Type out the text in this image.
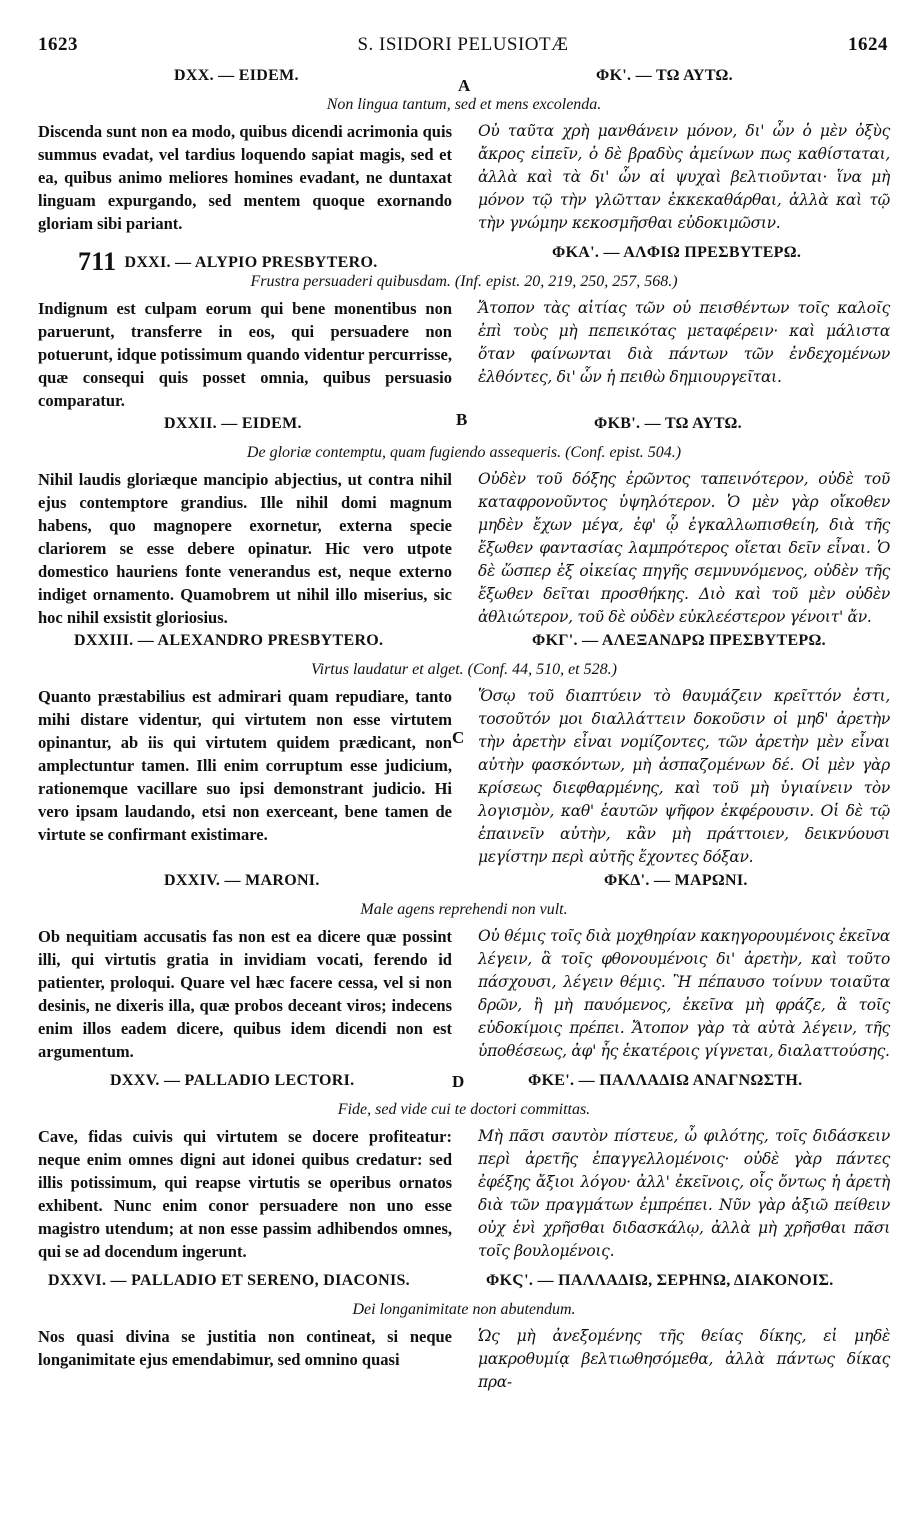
1623	S. ISIDORI PELUSIOTÆ	1624
A
B
C
D
DXX. — EIDEM.	ΦΚ'. — ΤΩ ΑΥΤΩ.
Non lingua tantum, sed et mens excolenda.
Discenda sunt non ea modo, quibus dicendi acrimonia quis summus evadat, vel tardius loquendo sapiat magis, sed et ea, quibus animo meliores homines evadant, ne duntaxat linguam expurgando, sed mentem quoque exornando gloriam sibi pariant.
Οὐ ταῦτα χρὴ μανθάνειν μόνον, δι' ὧν ὁ μὲν ὀξὺς ἄκρος εἰπεῖν, ὁ δὲ βραδὺς ἀμείνων πως καθίσταται, ἀλλὰ καὶ τὰ δι' ὧν αἱ ψυχαὶ βελτιοῦνται· ἵνα μὴ μόνον τῷ τὴν γλῶτταν ἐκκεκαθάρθαι, ἀλλὰ καὶ τῷ τὴν γνώμην κεκοσμῆσθαι εὐδοκιμῶσιν.
711 DXXI. — ALYPIO PRESBYTERO.
ΦΚΑ'. — ΑΛΦΙΩ ΠΡΕΣΒΥΤΕΡΩ.
Frustra persuaderi quibusdam. (Inf. epist. 20, 219, 250, 257, 568.)
Indignum est culpam eorum qui bene monentibus non paruerunt, transferre in eos, qui persuadere non potuerunt, idque potissimum quando videntur percurrisse, quæ consequi quis posset omnia, quibus persuasio comparatur.
Ἄτοπον τὰς αἰτίας τῶν οὐ πεισθέντων τοῖς καλοῖς ἐπὶ τοὺς μὴ πεπεικότας μεταφέρειν· καὶ μάλιστα ὅταν φαίνωνται διὰ πάντων τῶν ἐνδεχομένων ἐλθόντες, δι' ὧν ἡ πειθὼ δημιουργεῖται.
DXXII. — EIDEM.	ΦΚΒ'. — ΤΩ ΑΥΤΩ.
De gloriæ contemptu, quam fugiendo assequeris. (Conf. epist. 504.)
Nihil laudis gloriæque mancipio abjectius, ut contra nihil ejus contemptore grandius. Ille nihil domi magnum habens, quo magnopere exornetur, externa specie clariorem se esse debere opinatur. Hic vero utpote domestico hauriens fonte venerandus est, neque externo indiget ornamento. Quamobrem ut nihil illo miserius, sic hoc nihil exsistit gloriosius.
Οὐδὲν τοῦ δόξης ἐρῶντος ταπεινότερον, οὐδὲ τοῦ καταφρονοῦντος ὑψηλότερον. Ὁ μὲν γὰρ οἴκοθεν μηδὲν ἔχων μέγα, ἐφ' ᾧ ἐγκαλλωπισθείη, διὰ τῆς ἔξωθεν φαντασίας λαμπρότερος οἴεται δεῖν εἶναι. Ὁ δὲ ὥσπερ ἐξ οἰκείας πηγῆς σεμνυνόμενος, οὐδὲν τῆς ἔξωθεν δεῖται προσθήκης. Διὸ καὶ τοῦ μὲν οὐδὲν ἀθλιώτερον, τοῦ δὲ οὐδὲν εὐκλεέστερον γένοιτ' ἄν.
DXXIII. — ALEXANDRO PRESBYTERO.	ΦΚΓ'. — ΑΛΕΞΑΝΔΡΩ ΠΡΕΣΒΥΤΕΡΩ.
Virtus laudatur et alget. (Conf. 44, 510, et 528.)
Quanto præstabilius est admirari quam repudiare, tanto mihi distare videntur, qui virtutem non esse virtutem opinantur, ab iis qui virtutem quidem prædicant, non amplectuntur tamen. Illi enim corruptum esse judicium, rationemque vacillare suo ipsi demonstrant judicio. Hi vero ipsam laudando, etsi non exerceant, bene tamen de virtute se confirmant existimare.
Ὅσῳ τοῦ διαπτύειν τὸ θαυμάζειν κρεῖττόν ἐστι, τοσοῦτόν μοι διαλλάττειν δοκοῦσιν οἱ μηδ' ἀρετὴν τὴν ἀρετὴν εἶναι νομίζοντες, τῶν ἀρετὴν μὲν εἶναι αὐτὴν φασκόντων, μὴ ἀσπαζομένων δέ. Οἱ μὲν γὰρ κρίσεως διεφθαρμένης, καὶ τοῦ μὴ ὑγιαίνειν τὸν λογισμὸν, καθ' ἑαυτῶν ψῆφον ἐκφέρουσιν. Οἱ δὲ τῷ ἐπαινεῖν αὐτὴν, κἂν μὴ πράττοιεν, δεικνύουσι μεγίστην περὶ αὐτῆς ἔχοντες δόξαν.
DXXIV. — MARONI.	ΦΚΔ'. — ΜΑΡΩΝΙ.
Male agens reprehendi non vult.
Ob nequitiam accusatis fas non est ea dicere quæ possint illi, qui virtutis gratia in invidiam vocati, ferendo id patienter, proloqui. Quare vel hæc facere cessa, vel si non desinis, ne dixeris illa, quæ probos deceant viros; indecens enim illos eadem dicere, quibus idem dicendi non est argumentum.
Οὐ θέμις τοῖς διὰ μοχθηρίαν κακηγορουμένοις ἐκεῖνα λέγειν, ἃ τοῖς φθονουμένοις δι' ἀρετὴν, καὶ τοῦτο πάσχουσι, λέγειν θέμις. Ἢ πέπαυσο τοίνυν τοιαῦτα δρῶν, ἢ μὴ παυόμενος, ἐκεῖνα μὴ φράζε, ἃ τοῖς εὐδοκίμοις πρέπει. Ἄτοπον γὰρ τὰ αὐτὰ λέγειν, τῆς ὑποθέσεως, ἀφ' ἧς ἑκατέροις γίγνεται, διαλαττούσης.
DXXV. — PALLADIO LECTORI.	ΦΚΕ'. — ΠΑΛΛΑΔΙΩ ΑΝΑΓΝΩΣΤΗ.
Fide, sed vide cui te doctori committas.
Cave, fidas cuivis qui virtutem se docere profiteatur: neque enim omnes digni aut idonei quibus credatur: sed illis potissimum, qui reapse virtutis se operibus ornatos exhibent. Nunc enim conor persuadere non uno esse magistro utendum; at non esse passim adhibendos omnes, qui se ad docendum ingerunt.
Μὴ πᾶσι σαυτὸν πίστευε, ὦ φιλότης, τοῖς διδάσκειν περὶ ἀρετῆς ἐπαγγελλομένοις· οὐδὲ γὰρ πάντες ἐφέξης ἄξιοι λόγου· ἀλλ' ἐκεῖνοις, οἷς ὄντως ἡ ἀρετὴ διὰ τῶν πραγμάτων ἐμπρέπει. Νῦν γὰρ ἀξιῶ πείθειν οὐχ ἑνὶ χρῆσθαι διδασκάλῳ, ἀλλὰ μὴ χρῆσθαι πᾶσι τοῖς βουλομένοις.
DXXVI. — PALLADIO ET SERENO, DIACONIS.	ΦΚϚ'. — ΠΑΛΛΑΔΙΩ, ΣΕΡΗΝΩ, ΔΙΑΚΟΝΟΙΣ.
Dei longanimitate non abutendum.
Nos quasi divina se justitia non contineat, si neque longanimitate ejus emendabimur, sed omnino quasi
Ὡς μὴ ἀνεξομένης τῆς θείας δίκης, εἰ μηδὲ μακροθυμίᾳ βελτιωθησόμεθα, ἀλλὰ πάντως δίκας πρα-
